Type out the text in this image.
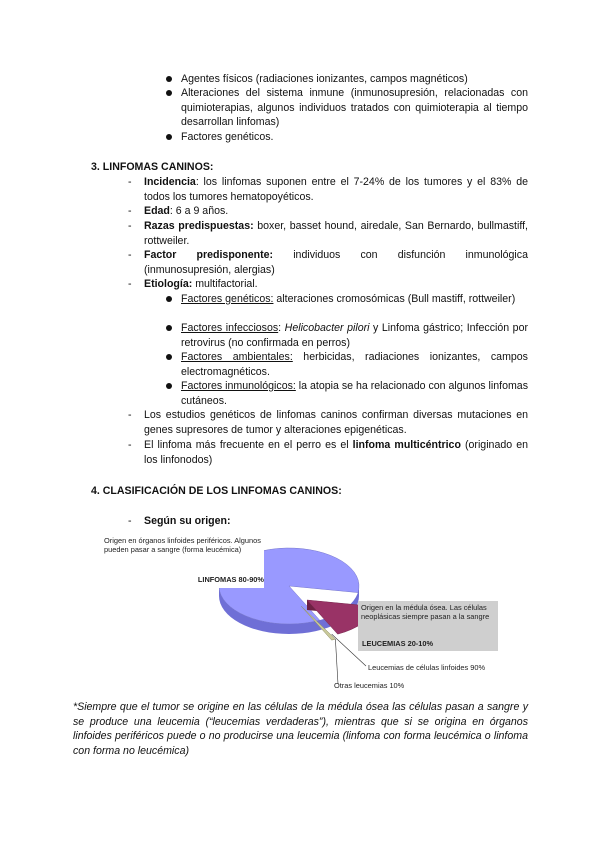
Agentes físicos (radiaciones ionizantes, campos magnéticos)
Alteraciones del sistema inmune (inmunosupresión, relacionadas con quimioterapias, algunos individuos tratados con quimioterapia al tiempo desarrollan linfomas)
Factores genéticos.
3. LINFOMAS CANINOS:
-	Incidencia: los linfomas suponen entre el 7-24% de los tumores y el 83% de todos los tumores hematopoyéticos.
-	Edad: 6 a 9 años.
-	Razas predispuestas: boxer, basset hound, airedale, San Bernardo, bullmastiff, rottweiler.
-	Factor predisponente: individuos con disfunción inmunológica (inmunosupresión, alergias)
-	Etiología: multifactorial.
Factores genéticos: alteraciones cromosómicas (Bull mastiff, rottweiler)
Factores infecciosos: Helicobacter pilori y Linfoma gástrico; Infección por retrovirus (no confirmada en perros)
Factores ambientales: herbicidas, radiaciones ionizantes, campos electromagnéticos.
Factores inmunológicos: la atopia se ha relacionado con algunos linfomas cutáneos.
-	Los estudios genéticos de linfomas caninos confirman diversas mutaciones en genes supresores de tumor y alteraciones epigenéticas.
-	El linfoma más frecuente en el perro es el linfoma multicéntrico (originado en los linfonodos)
4. CLASIFICACIÓN DE LOS LINFOMAS CANINOS:
-	Según su origen:
Origen en órganos linfoides periféricos. Algunos pueden pasar a sangre (forma leucémica)
LINFOMAS 80-90%
Origen en la médula ósea. Las células neoplásicas siempre pasan a la sangre
LEUCEMIAS 20-10%
Leucemias de células linfoides 90%
Otras leucemias 10%
*Siempre que el tumor se origine en las células de la médula ósea las células pasan a sangre y se produce una leucemia (“leucemias verdaderas”), mientras que si se origina en órganos linfoides periféricos puede o no producirse una leucemia (linfoma con forma leucémica o linfoma con forma no leucémica)
